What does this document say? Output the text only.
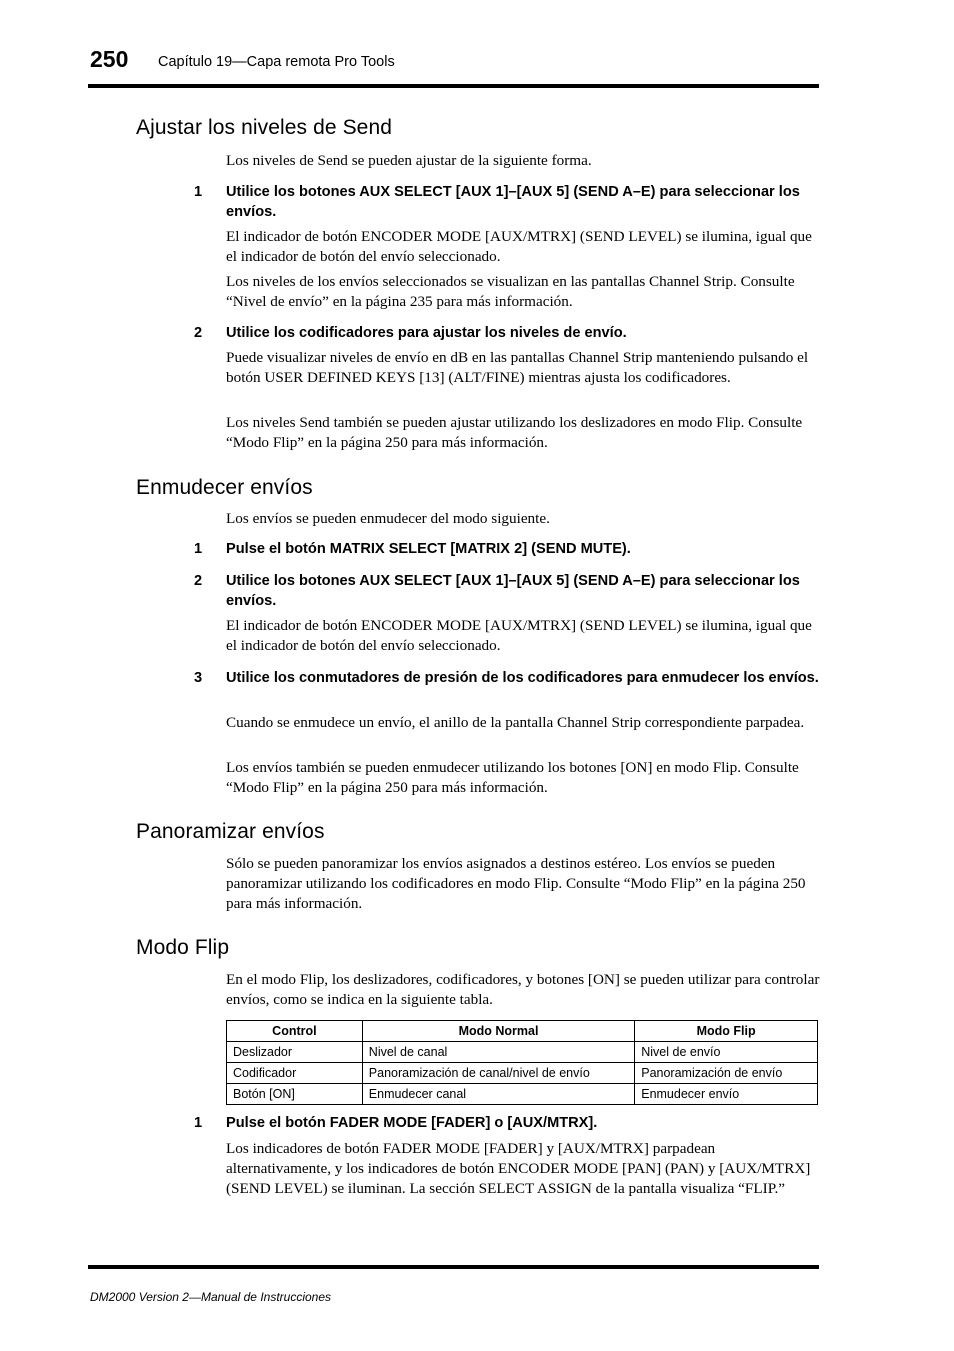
250 Capítulo 19—Capa remota Pro Tools
Ajustar los niveles de Send

Los niveles de Send se pueden ajustar de la siguiente forma.

1 Utilice los botones AUX SELECT [AUX 1]–[AUX 5] (SEND A–E) para seleccionar los envíos.

El indicador de botón ENCODER MODE [AUX/MTRX] (SEND LEVEL) se ilumina, igual que el indicador de botón del envío seleccionado.

Los niveles de los envíos seleccionados se visualizan en las pantallas Channel Strip. Consulte “Nivel de envío” en la página 235 para más información.

2 Utilice los codificadores para ajustar los niveles de envío.

Puede visualizar niveles de envío en dB en las pantallas Channel Strip manteniendo pulsando el botón USER DEFINED KEYS [13] (ALT/FINE) mientras ajusta los codificadores.

Los niveles Send también se pueden ajustar utilizando los deslizadores en modo Flip. Consulte “Modo Flip” en la página 250 para más información.

Enmudecer envíos

Los envíos se pueden enmudecer del modo siguiente.

1 Pulse el botón MATRIX SELECT [MATRIX 2] (SEND MUTE).
2 Utilice los botones AUX SELECT [AUX 1]–[AUX 5] (SEND A–E) para seleccionar los envíos.

El indicador de botón ENCODER MODE [AUX/MTRX] (SEND LEVEL) se ilumina, igual que el indicador de botón del envío seleccionado.

3 Utilice los conmutadores de presión de los codificadores para enmudecer los envíos.

Cuando se enmudece un envío, el anillo de la pantalla Channel Strip correspondiente parpadea.

Los envíos también se pueden enmudecer utilizando los botones [ON] en modo Flip. Consulte “Modo Flip” en la página 250 para más información.

Panoramizar envíos

Sólo se pueden panoramizar los envíos asignados a destinos estéreo. Los envíos se pueden panoramizar utilizando los codificadores en modo Flip. Consulte “Modo Flip” en la página 250 para más información.

Modo Flip

En el modo Flip, los deslizadores, codificadores, y botones [ON] se pueden utilizar para controlar envíos, como se indica en la siguiente tabla.

Control	Modo Normal	Modo Flip
Deslizador	Nivel de canal	Nivel de envío
Codificador	Panoramización de canal/nivel de envío	Panoramización de envío
Botón [ON]	Enmudecer canal	Enmudecer envío
1 Pulse el botón FADER MODE [FADER] o [AUX/MTRX].

Los indicadores de botón FADER MODE [FADER] y [AUX/MTRX] parpadean alternativamente, y los indicadores de botón ENCODER MODE [PAN] (PAN) y [AUX/MTRX] (SEND LEVEL) se iluminan. La sección SELECT ASSIGN de la pantalla visualiza “FLIP.”

DM2000 Version 2—Manual de Instrucciones
